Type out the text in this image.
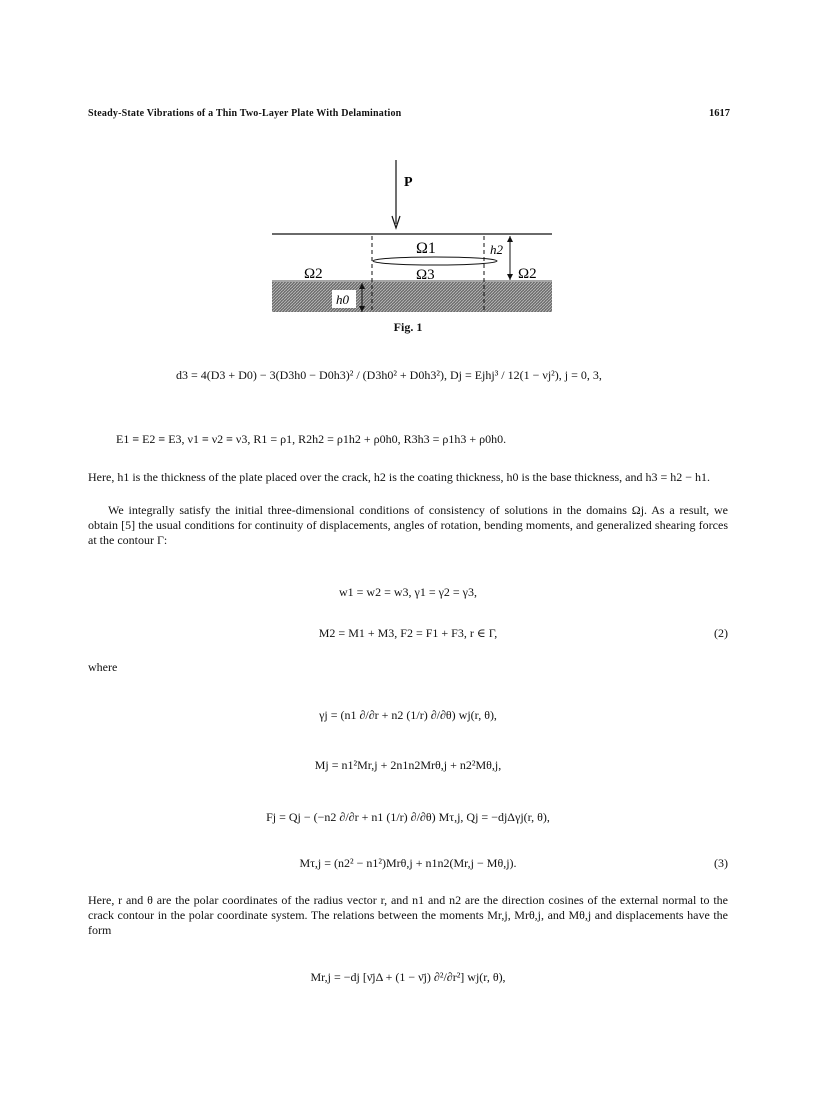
Steady-State Vibrations of a Thin Two-Layer Plate With Delamination	1617
P
h0
Ω1
Ω2	Ω3	Ω2
h2
Fig. 1
d3 = 4(D3 + D0) − 3(D3h0 − D0h3)² / (D3h0² + D0h3²), Dj = Ejhj³ / 12(1 − νj²), j = 0, 3,
E1 ≡ E2 ≡ E3, ν1 ≡ ν2 ≡ ν3, R1 = ρ1, R2h2 = ρ1h2 + ρ0h0, R3h3 = ρ1h3 + ρ0h0.
Here, h1 is the thickness of the plate placed over the crack, h2 is the coating thickness, h0 is the base thickness, and h3 = h2 − h1.
We integrally satisfy the initial three-dimensional conditions of consistency of solutions in the domains Ωj. As a result, we obtain [5] the usual conditions for continuity of displacements, angles of rotation, bending moments, and generalized shearing forces at the contour Γ:
w1 = w2 = w3, γ1 = γ2 = γ3,
M2 = M1 + M3, F2 = F1 + F3, r ∈ Γ,	(2)
where
γj = (n1 ∂/∂r + n2 (1/r) ∂/∂θ) wj(r, θ),
Mj = n1²Mr,j + 2n1n2Mrθ,j + n2²Mθ,j,
Fj = Qj − (−n2 ∂/∂r + n1 (1/r) ∂/∂θ) Mτ,j, Qj = −djΔγj(r, θ),
Mτ,j = (n2² − n1²)Mrθ,j + n1n2(Mr,j − Mθ,j).	(3)
Here, r and θ are the polar coordinates of the radius vector r, and n1 and n2 are the direction cosines of the external normal to the crack contour in the polar coordinate system. The relations between the moments Mr,j, Mrθ,j, and Mθ,j and displacements have the form
Mr,j = −dj [ν̄jΔ + (1 − ν̄j) ∂²/∂r²] wj(r, θ),
